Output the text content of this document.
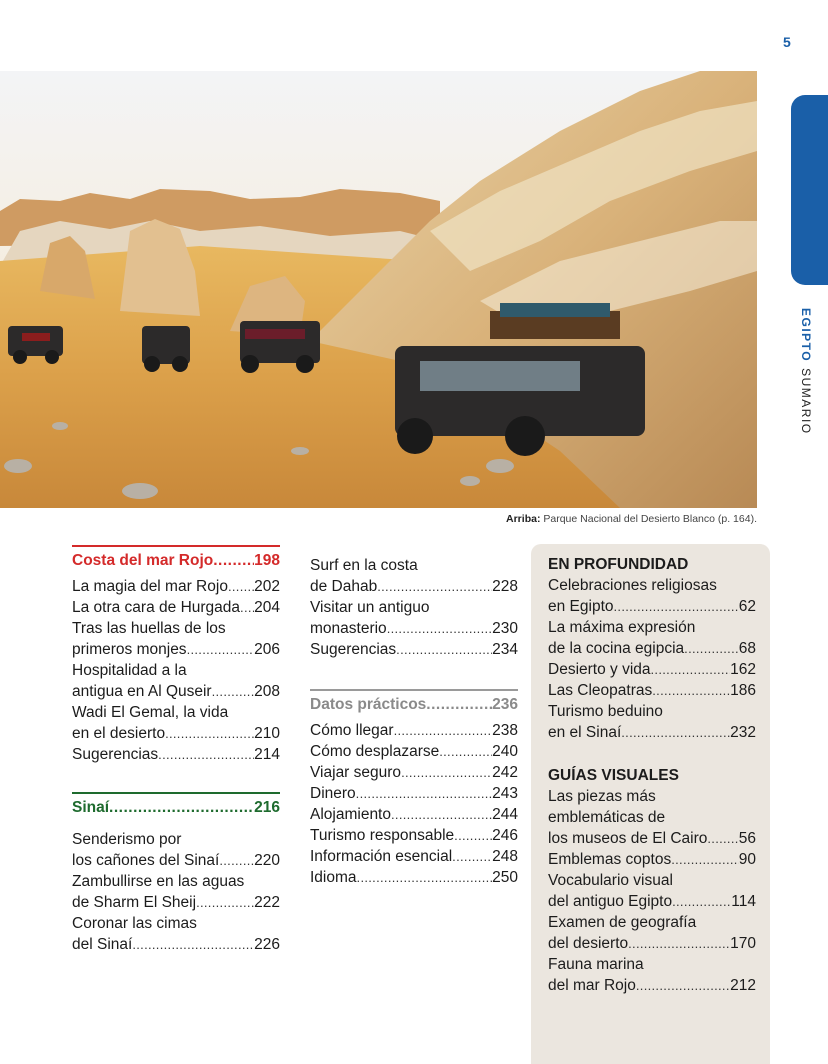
5
EGIPTOSUMARIO
Arriba: Parque Nacional del Desierto Blanco (p. 164).
Costa del mar Rojo .....	198
La magia del mar Rojo ..... 202
La otra cara de Hurgada ..... 204
Tras las huellas de los
primeros monjes .....	206
Hospitalidad a la
antigua en Al Quseir .....	208
Wadi El Gemal, la vida
en el desierto .....	210
Sugerencias .....	214
Sinaí .....	216
Senderismo por
los cañones del Sinaí ..... 220
Zambullirse en las aguas
de Sharm El Sheij .....	222
Coronar las cimas
del Sinaí .....	226
Surf en la costa
de Dahab .....	228
Visitar un antiguo
monasterio .....	230
Sugerencias .....	234
Datos prácticos .....	236
Cómo llegar .....	238
Cómo desplazarse .....	240
Viajar seguro .....	242
Dinero .....	243
Alojamiento .....	244
Turismo responsable ..... 246
Información esencial .....	248
Idioma .....	250
EN PROFUNDIDAD
Celebraciones religiosas
en Egipto .....	62
La máxima expresión
de la cocina egipcia .....	68
Desierto y vida .....	162
Las Cleopatras .....	186
Turismo beduino
en el Sinaí .....	232
GUÍAS VISUALES
Las piezas más
emblemáticas de
los museos de El Cairo ..... 56
Emblemas coptos .....	90
Vocabulario visual
del antiguo Egipto .....	114
Examen de geografía
del desierto .....	170
Fauna marina
del mar Rojo .....	212
